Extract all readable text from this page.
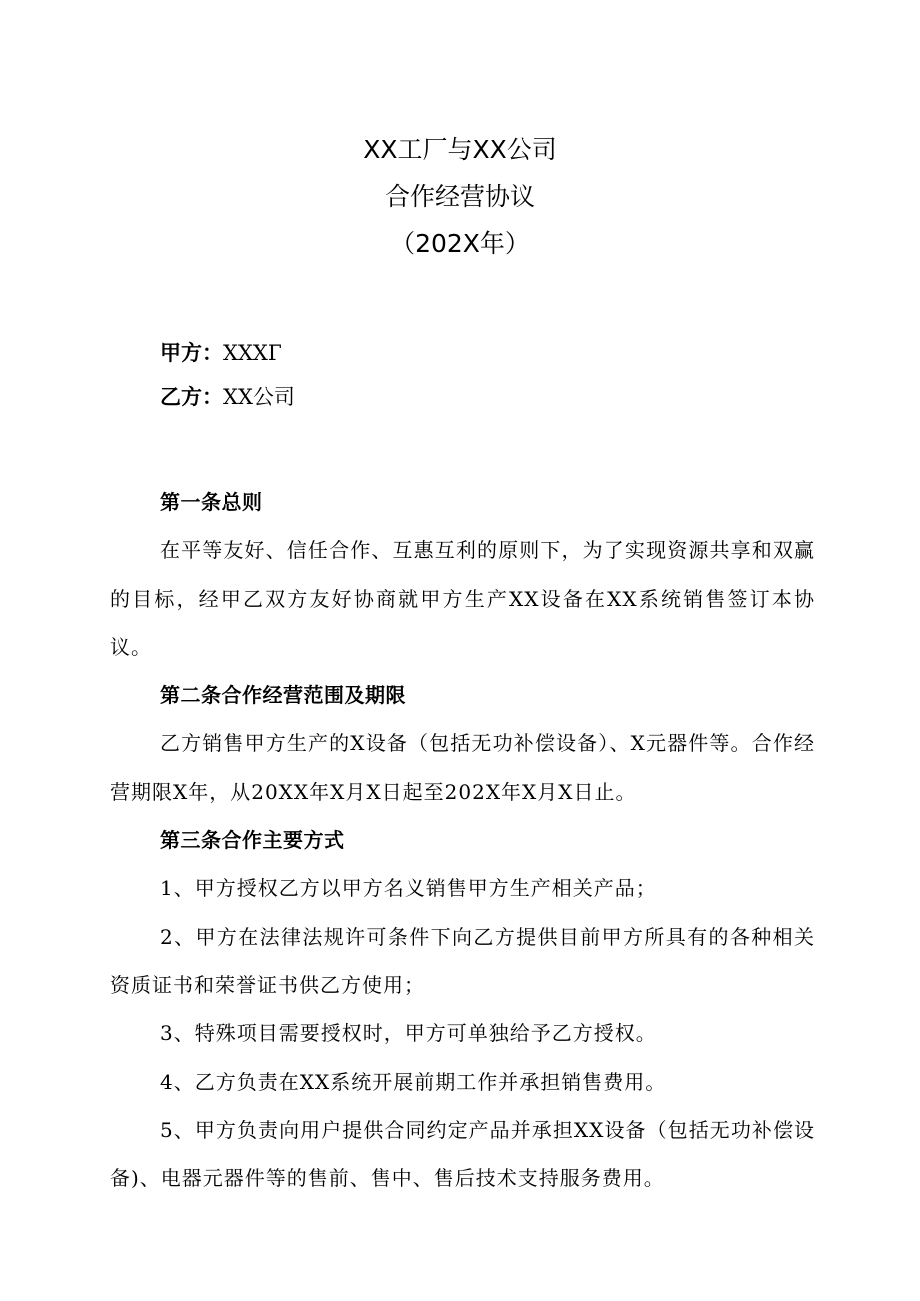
XX工厂与XX公司
合作经营协议
（202X年）
甲方：XXXГ
乙方：XX公司

第一条总则

在平等友好、信任合作、互惠互利的原则下，为了实现资源共享和双赢的目标，经甲乙双方友好协商就甲方生产XX设备在XX系统销售签订本协议。

第二条合作经营范围及期限

乙方销售甲方生产的X设备（包括无功补偿设备）、X元器件等。合作经营期限X年，从20XX年X月X日起至202X年X月X日止。

第三条合作主要方式

1、甲方授权乙方以甲方名义销售甲方生产相关产品；

2、甲方在法律法规许可条件下向乙方提供目前甲方所具有的各种相关资质证书和荣誉证书供乙方使用；

3、特殊项目需要授权时，甲方可单独给予乙方授权。

4、乙方负责在XX系统开展前期工作并承担销售费用。

5、甲方负责向用户提供合同约定产品并承担XX设备（包括无功补偿设备)、电器元器件等的售前、售中、售后技术支持服务费用。
